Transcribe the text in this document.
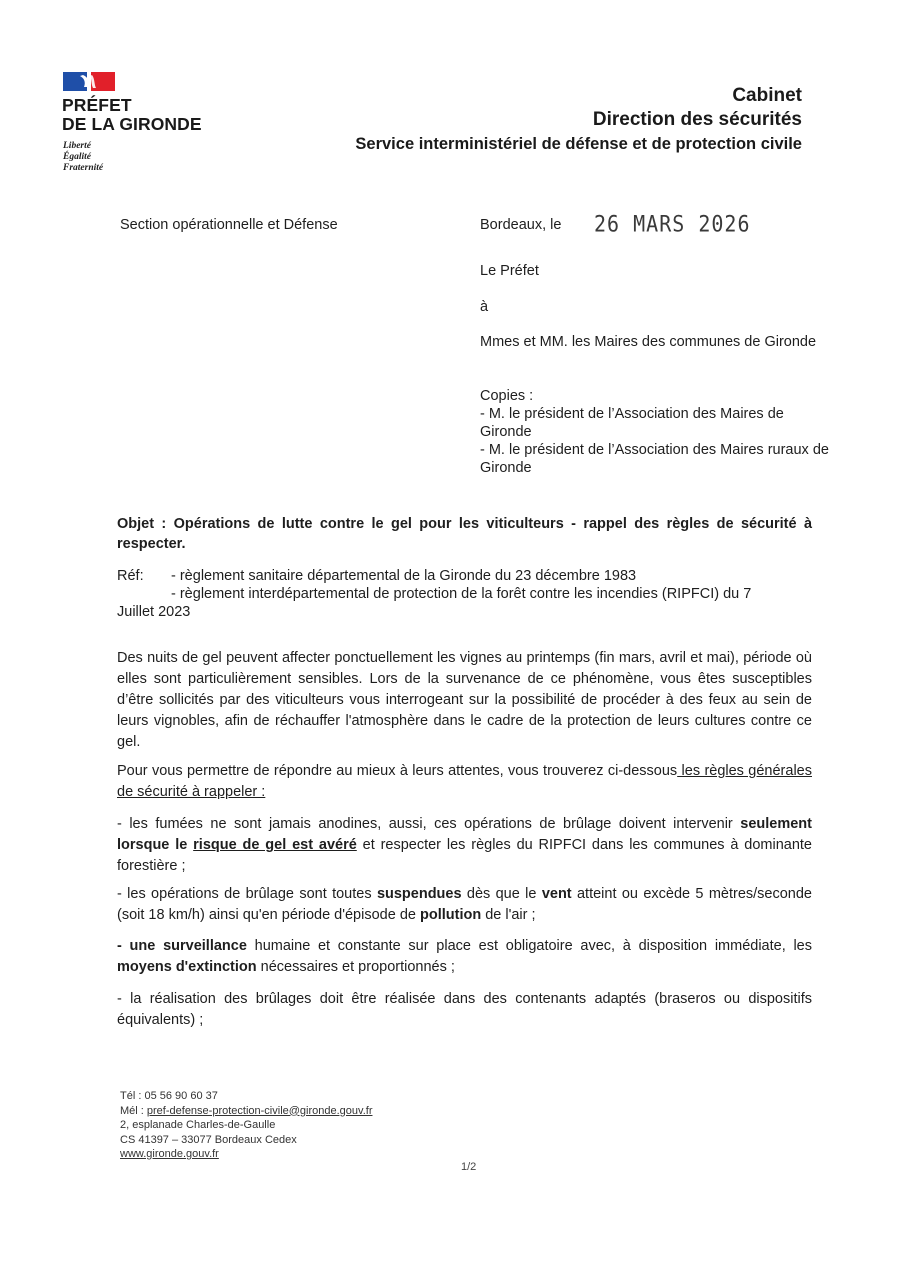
PRÉFET
DE LA GIRONDE
Liberté
Égalité
Fraternité
Cabinet
Direction des sécurités
Service interministériel de défense et de protection civile
Section opérationnelle et Défense	Bordeaux, le 26 MARS 2026
Le Préfet
à
Mmes et MM. les Maires des communes de Gironde
Copies :
- M. le président de l’Association des Maires de Gironde
- M. le président de l’Association des Maires ruraux de Gironde
Objet : Opérations de lutte contre le gel pour les viticulteurs - rappel des règles de sécurité à respecter.
Réf: - règlement sanitaire départemental de la Gironde du 23 décembre 1983
- règlement interdépartemental de protection de la forêt contre les incendies (RIPFCI) du 7
Juillet 2023
Des nuits de gel peuvent affecter ponctuellement les vignes au printemps (fin mars, avril et mai), période où elles sont particulièrement sensibles. Lors de la survenance de ce phénomène, vous êtes susceptibles d’être sollicités par des viticulteurs vous interrogeant sur la possibilité de procéder à des feux au sein de leurs vignobles, afin de réchauffer l'atmosphère dans le cadre de la protection de leurs cultures contre ce gel.
Pour vous permettre de répondre au mieux à leurs attentes, vous trouverez ci-dessous les règles générales de sécurité à rappeler :
- les fumées ne sont jamais anodines, aussi, ces opérations de brûlage doivent intervenir seulement lorsque le risque de gel est avéré et respecter les règles du RIPFCI dans les communes à dominante forestière ;
- les opérations de brûlage sont toutes suspendues dès que le vent atteint ou excède 5 mètres/seconde (soit 18 km/h) ainsi qu'en période d'épisode de pollution de l'air ;
- une surveillance humaine et constante sur place est obligatoire avec, à disposition immédiate, les moyens d'extinction nécessaires et proportionnés ;
- la réalisation des brûlages doit être réalisée dans des contenants adaptés (braseros ou dispositifs équivalents) ;
Tél : 05 56 90 60 37
Mél : pref-defense-protection-civile@gironde.gouv.fr
2, esplanade Charles-de-Gaulle
CS 41397 – 33077 Bordeaux Cedex
www.gironde.gouv.fr
1/2
